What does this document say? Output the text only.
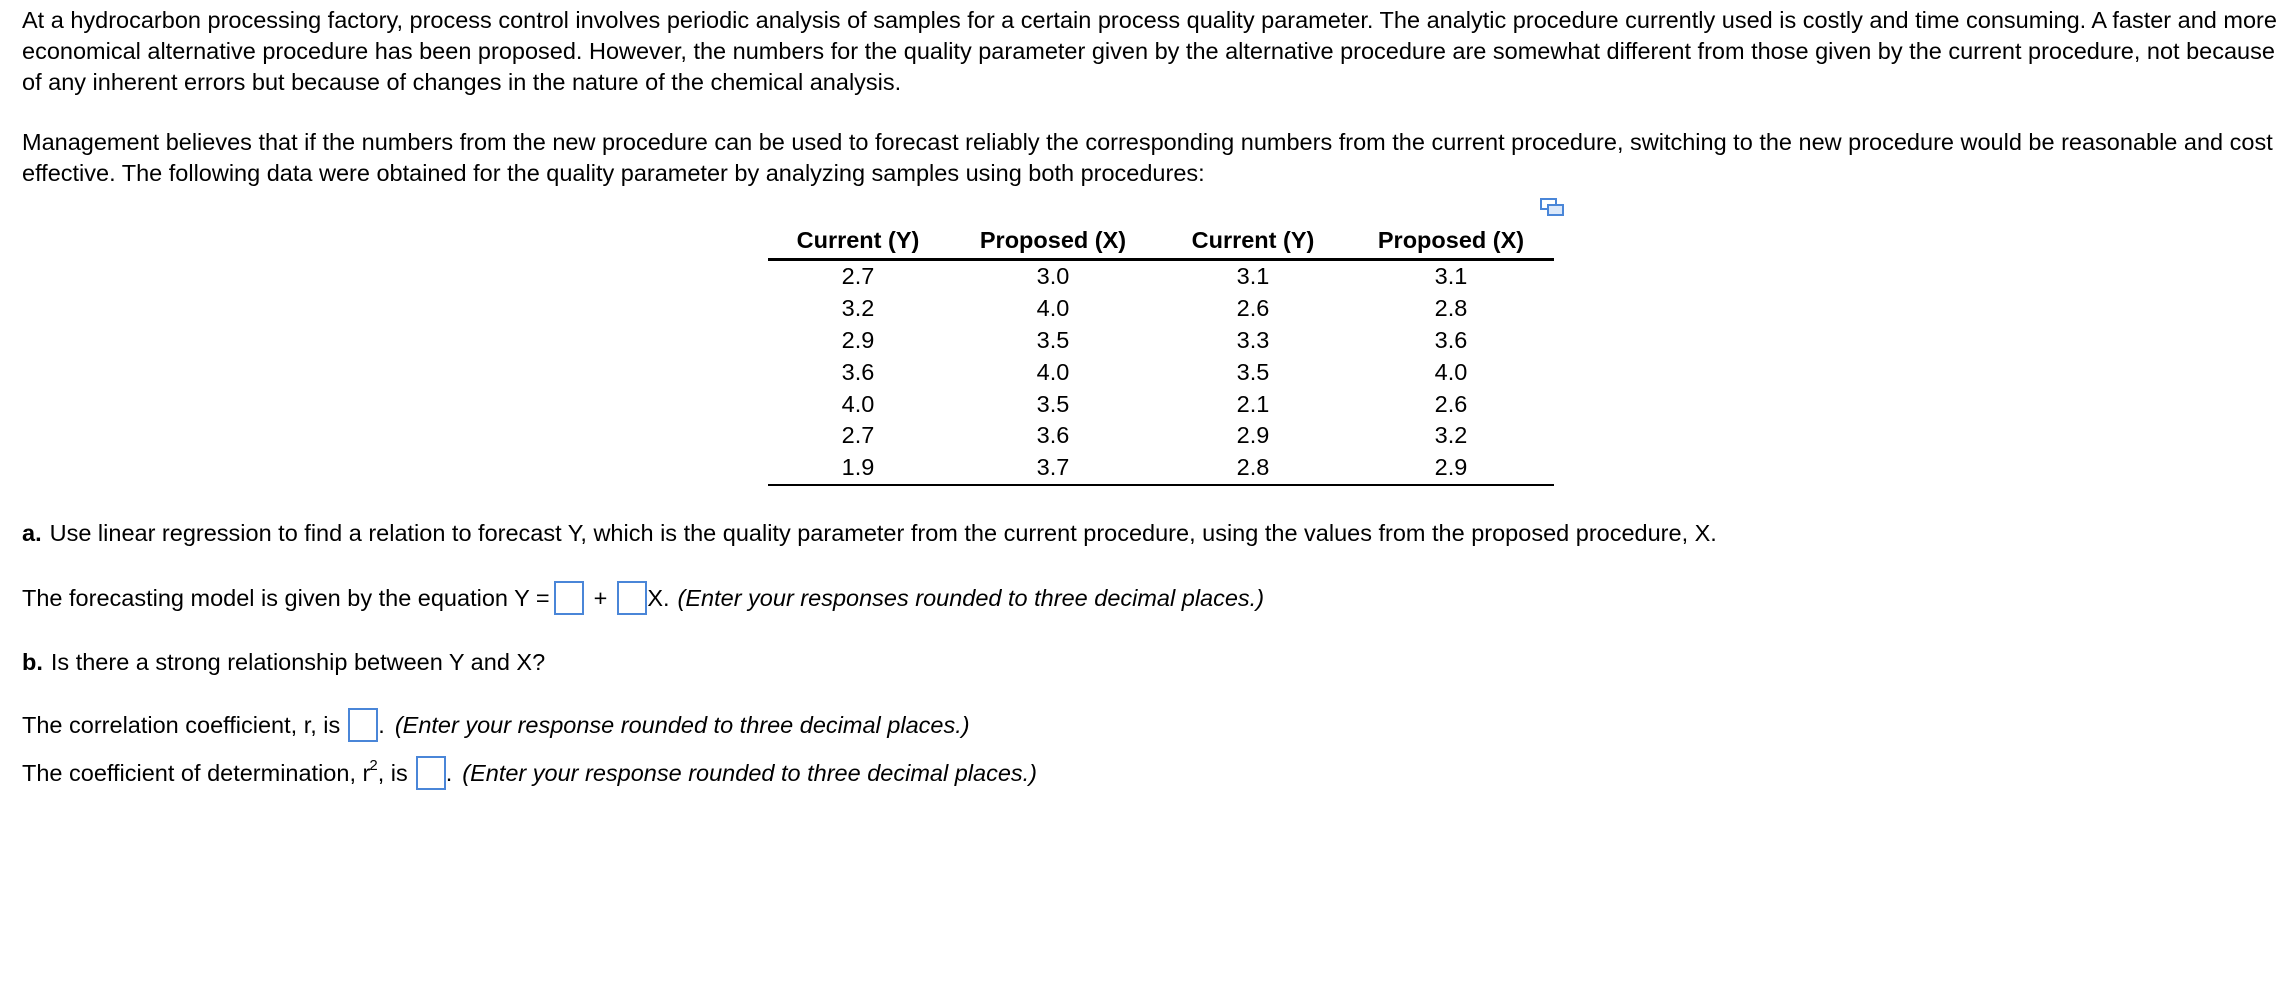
At a hydrocarbon processing factory, process control involves periodic analysis of samples for a certain process quality parameter. The analytic procedure currently used is costly and time consuming. A faster and more economical alternative procedure has been proposed. However, the numbers for the quality parameter given by the alternative procedure are somewhat different from those given by the current procedure, not because of any inherent errors but because of changes in the nature of the chemical analysis.

Management believes that if the numbers from the new procedure can be used to forecast reliably the corresponding numbers from the current procedure, switching to the new procedure would be reasonable and cost effective. The following data were obtained for the quality parameter by analyzing samples using both procedures:

Current (Y)	Proposed (X)	Current (Y)	Proposed (X)
2.7	3.0	3.1	3.1
3.2	4.0	2.6	2.8
2.9	3.5	3.3	3.6
3.6	4.0	3.5	4.0
4.0	3.5	2.1	2.6
2.7	3.6	2.9	3.2
1.9	3.7	2.8	2.9
a. Use linear regression to find a relation to forecast Y, which is the quality parameter from the current procedure, using the values from the proposed procedure, X.
The forecasting model is given by the equation Y = + X. (Enter your responses rounded to three decimal places.)
b. Is there a strong relationship between Y and X?
The correlation coefficient, r, is . (Enter your response rounded to three decimal places.)
The coefficient of determination, $r^2$ , is . (Enter your response rounded to three decimal places.)
